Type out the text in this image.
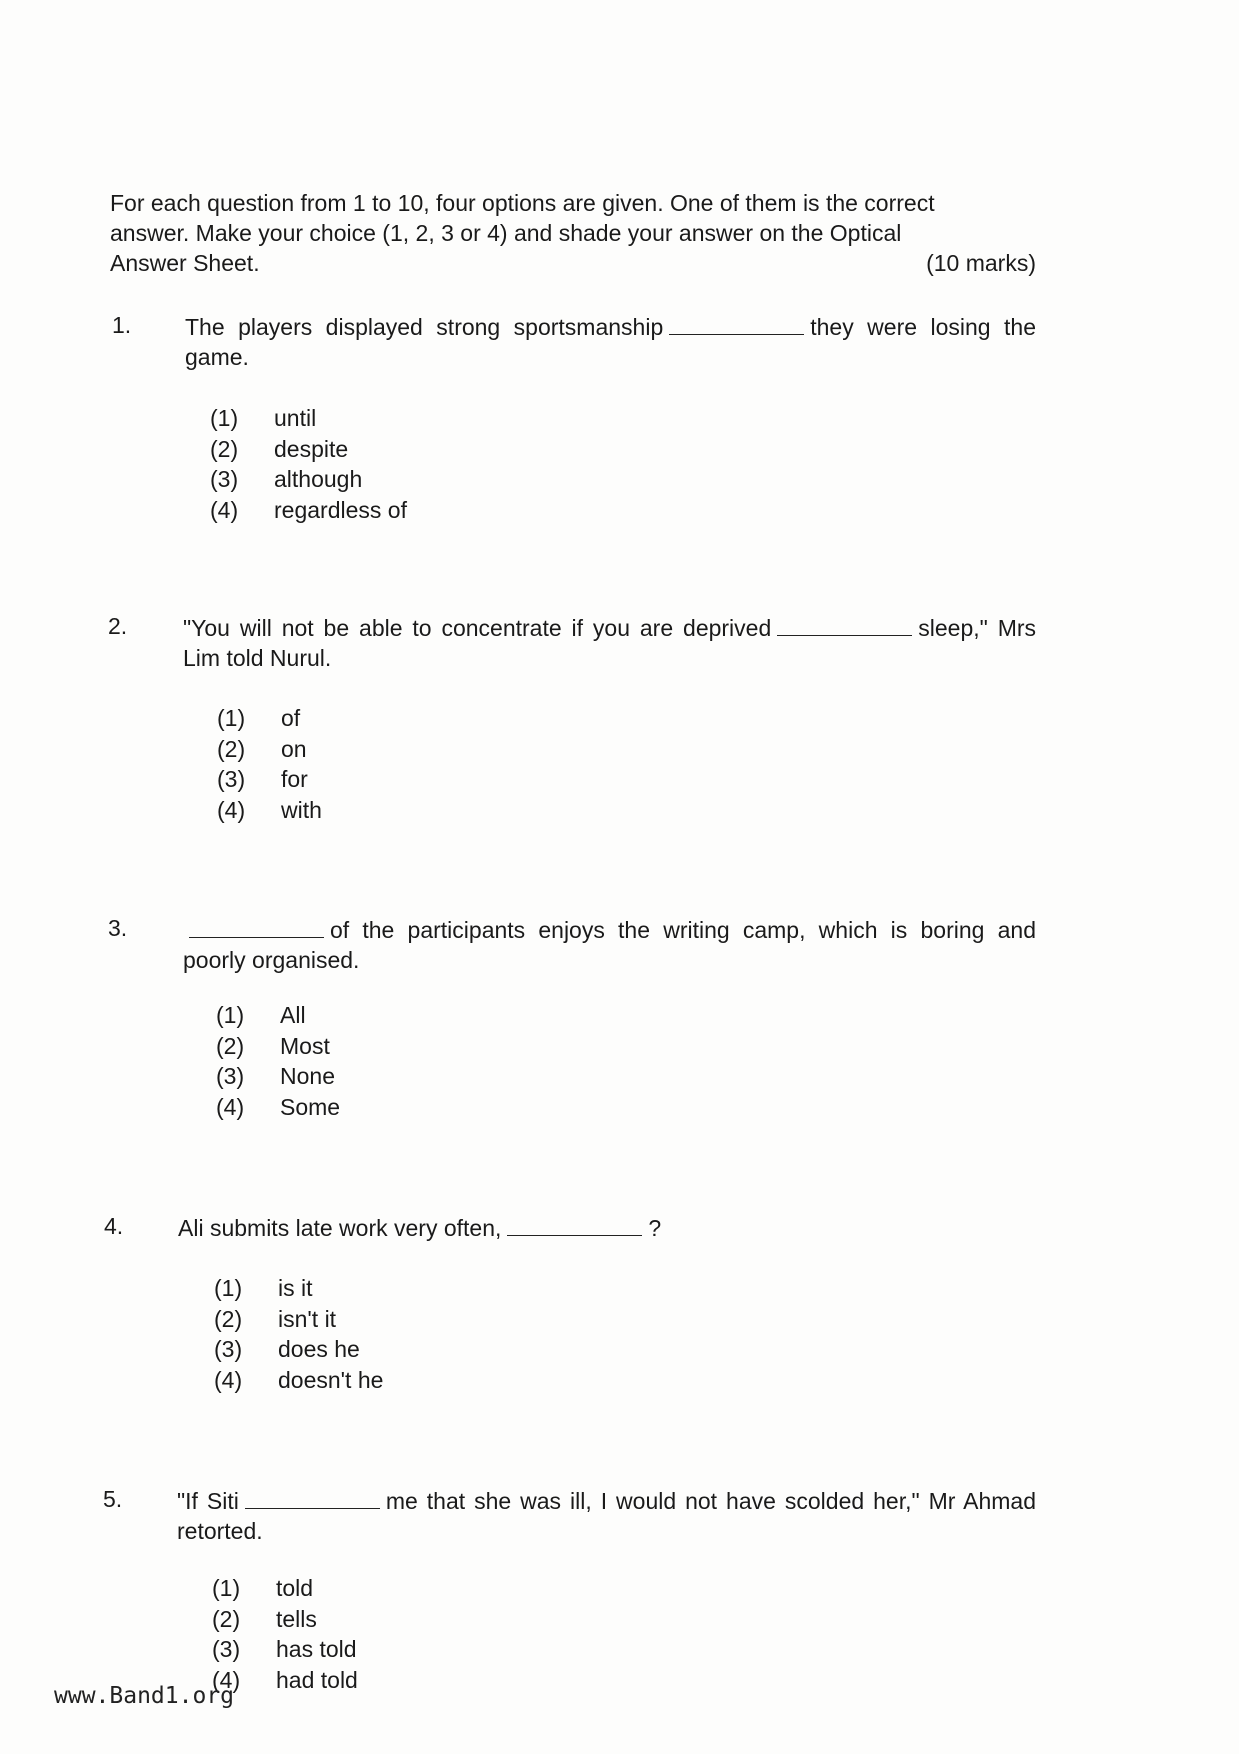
For each question from 1 to 10, four options are given. One of them is the correct
answer. Make your choice (1, 2, 3 or 4) and shade your answer on the Optical
Answer Sheet.	(10 marks)
1. The players displayed strong sportsmanship	they were losing the game.
(1)	until
(2)	despite
(3)	although
(4)	regardless of
2. "You will not be able to concentrate if you are deprived	sleep," Mrs Lim told Nurul.
(1)	of
(2)	on
(3)	for
(4)	with
3.	of the participants enjoys the writing camp, which is boring and poorly organised.
(1)	All
(2)	Most
(3)	None
(4)	Some
4. Ali submits late work very often,	?
(1)	is it
(2)	isn't it
(3)	does he
(4)	doesn't he
5. "If Siti	me that she was ill, I would not have scolded her," Mr Ahmad retorted.
(1)	told
(2)	tells
(3)	has told
(4)	had told
www.Band1.org
